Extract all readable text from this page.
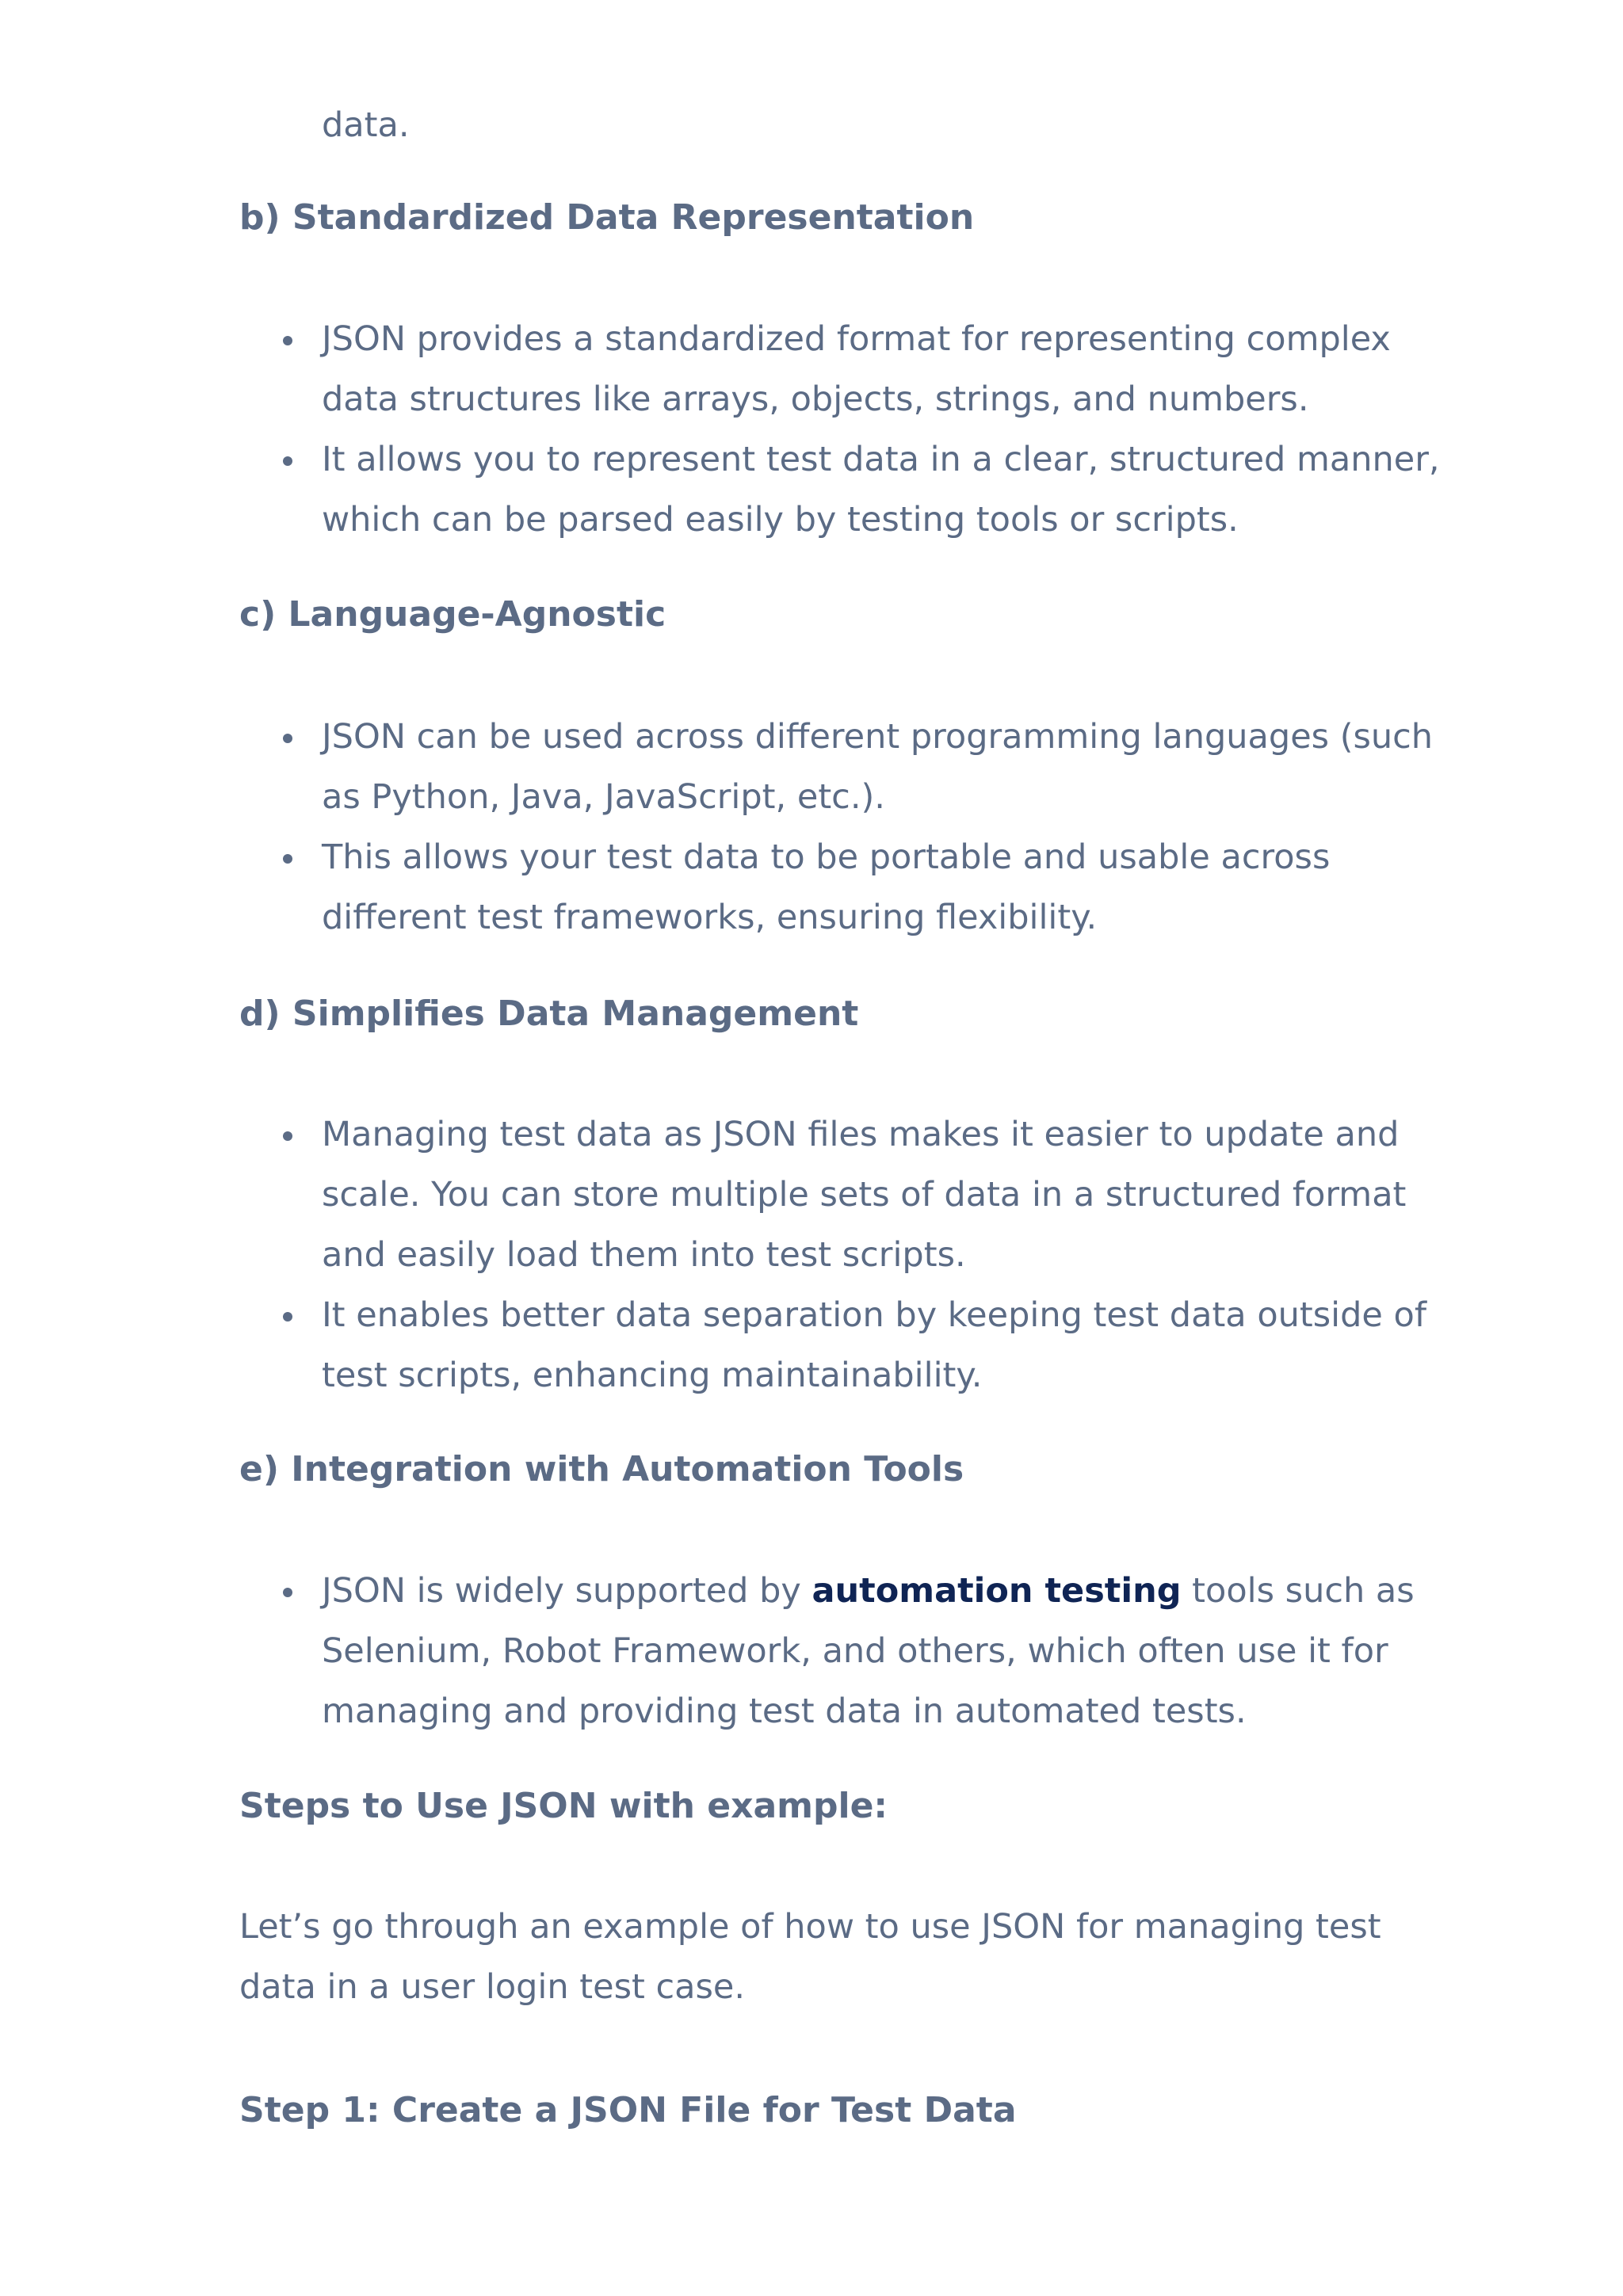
data.

b) Standardized Data Representation
JSON provides a standardized format for representing complex data structures like arrays, objects, strings, and numbers.
It allows you to represent test data in a clear, structured manner, which can be parsed easily by testing tools or scripts.
c) Language-Agnostic
JSON can be used across different programming languages (such as Python, Java, JavaScript, etc.).
This allows your test data to be portable and usable across different test frameworks, ensuring flexibility.
d) Simplifies Data Management
Managing test data as JSON files makes it easier to update and scale. You can store multiple sets of data in a structured format and easily load them into test scripts.
It enables better data separation by keeping test data outside of test scripts, enhancing maintainability.
e) Integration with Automation Tools
JSON is widely supported by automation testing tools such as Selenium, Robot Framework, and others, which often use it for managing and providing test data in automated tests.
Steps to Use JSON with example:

Let’s go through an example of how to use JSON for managing test data in a user login test case.

Step 1: Create a JSON File for Test Data
